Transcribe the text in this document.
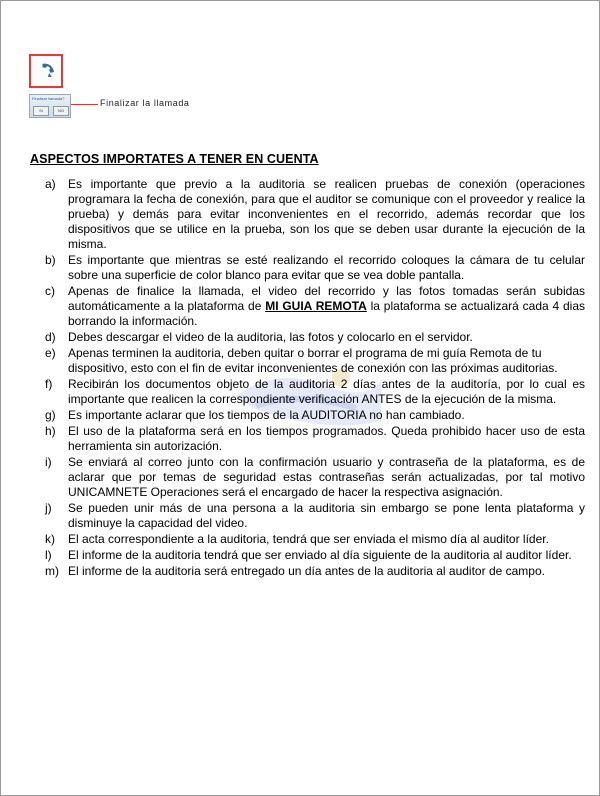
Finalizar llamada?
Sí	NO
Finalizar la llamada
ASPECTOS IMPORTATES A TENER EN CUENTA
a) Es importante que previo a la auditoria se realicen pruebas de conexión (operaciones programara la fecha de conexión, para que el auditor se comunique con el proveedor y realice la prueba) y demás para evitar inconvenientes en el recorrido, además recordar que los dispositivos que se utilice en la prueba, son los que se deben usar durante la ejecución de la misma.
b) Es importante que mientras se esté realizando el recorrido coloques la cámara de tu celular sobre una superficie de color blanco para evitar que se vea doble pantalla.
c) Apenas de finalice la llamada, el video del recorrido y las fotos tomadas serán subidas automáticamente a la plataforma de MI GUIA REMOTA la plataforma se actualizará cada 4 dias borrando la información.
d) Debes descargar el video de la auditoria, las fotos y colocarlo en el servidor.
e) Apenas terminen la auditoria, deben quitar o borrar el programa de mi guía Remota de tu dispositivo, esto con el fin de evitar inconvenientes de conexión con las próximas auditorias.
f) Recibirán los documentos objeto de la auditoria 2 días antes de la auditoría, por lo cual es importante que realicen la correspondiente verificación ANTES de la ejecución de la misma.
g) Es importante aclarar que los tiempos de la AUDITORIA no han cambiado.
h) El uso de la plataforma será en los tiempos programados. Queda prohibido hacer uso de esta herramienta sin autorización.
i) Se enviará al correo junto con la confirmación usuario y contraseña de la plataforma, es de aclarar que por temas de seguridad estas contraseñas serán actualizadas, por tal motivo UNICAMNETE Operaciones será el encargado de hacer la respectiva asignación.
j) Se pueden unir más de una persona a la auditoria sin embargo se pone lenta plataforma y disminuye la capacidad del video.
k) El acta correspondiente a la auditoria, tendrá que ser enviada el mismo día al auditor líder.
l) El informe de la auditoria tendrá que ser enviado al día siguiente de la auditoria al auditor líder.
m) El informe de la auditoria será entregado un día antes de la auditoria al auditor de campo.
